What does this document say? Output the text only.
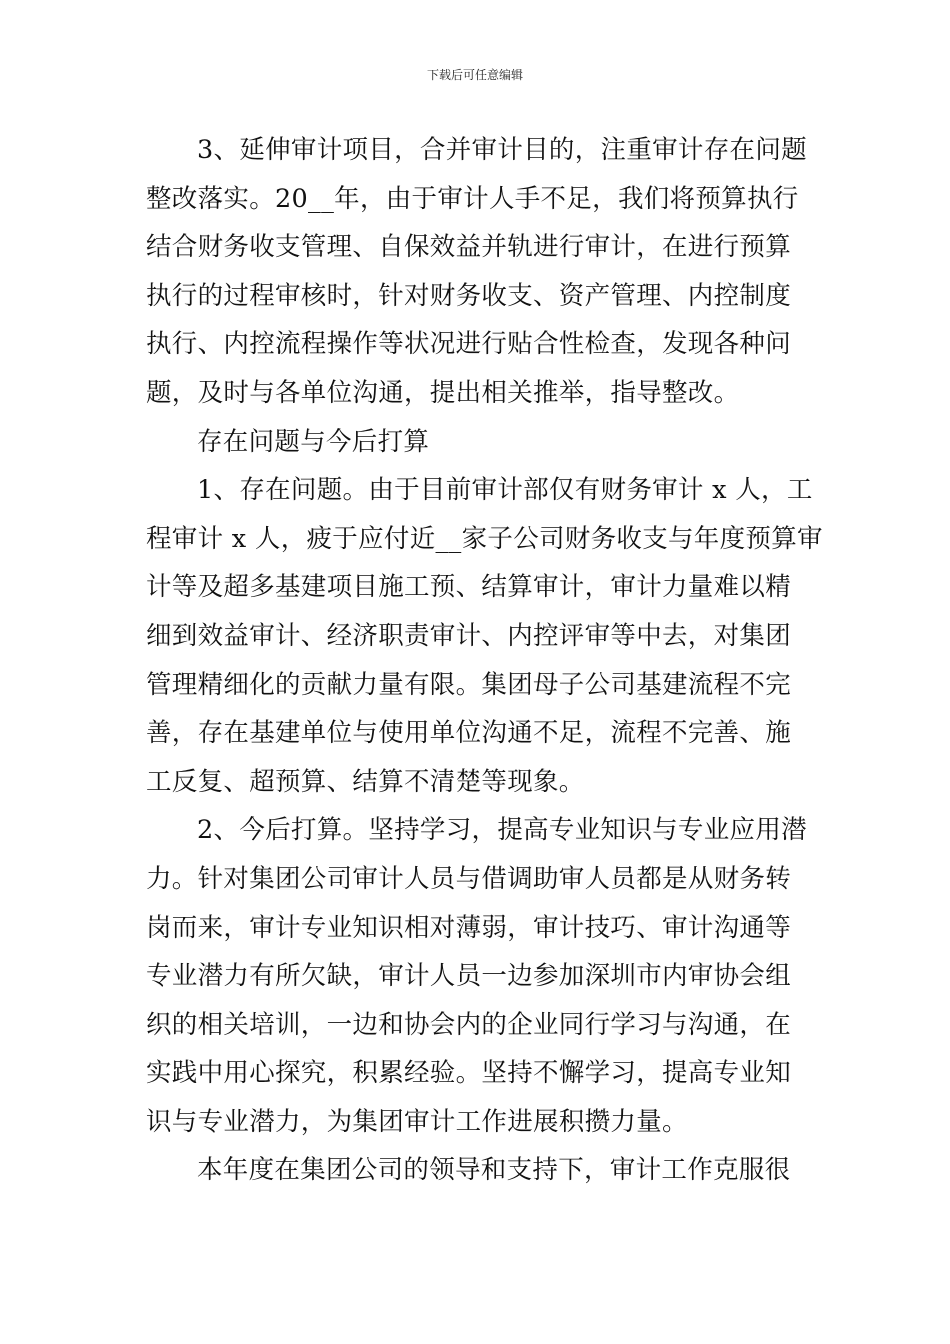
下载后可任意编辑
3、延伸审计项目，合并审计目的，注重审计存在问题
整改落实。20__年，由于审计人手不足，我们将预算执行
结合财务收支管理、自保效益并轨进行审计，在进行预算
执行的过程审核时，针对财务收支、资产管理、内控制度
执行、内控流程操作等状况进行贴合性检查，发现各种问
题，及时与各单位沟通，提出相关推举，指导整改。
存在问题与今后打算
1、存在问题。由于目前审计部仅有财务审计 x 人，工
程审计 x 人，疲于应付近__家子公司财务收支与年度预算审
计等及超多基建项目施工预、结算审计，审计力量难以精
细到效益审计、经济职责审计、内控评审等中去，对集团
管理精细化的贡献力量有限。集团母子公司基建流程不完
善，存在基建单位与使用单位沟通不足，流程不完善、施
工反复、超预算、结算不清楚等现象。
2、今后打算。坚持学习，提高专业知识与专业应用潜
力。针对集团公司审计人员与借调助审人员都是从财务转
岗而来，审计专业知识相对薄弱，审计技巧、审计沟通等
专业潜力有所欠缺，审计人员一边参加深圳市内审协会组
织的相关培训，一边和协会内的企业同行学习与沟通，在
实践中用心探究，积累经验。坚持不懈学习，提高专业知
识与专业潜力，为集团审计工作进展积攒力量。
本年度在集团公司的领导和支持下，审计工作克服很
